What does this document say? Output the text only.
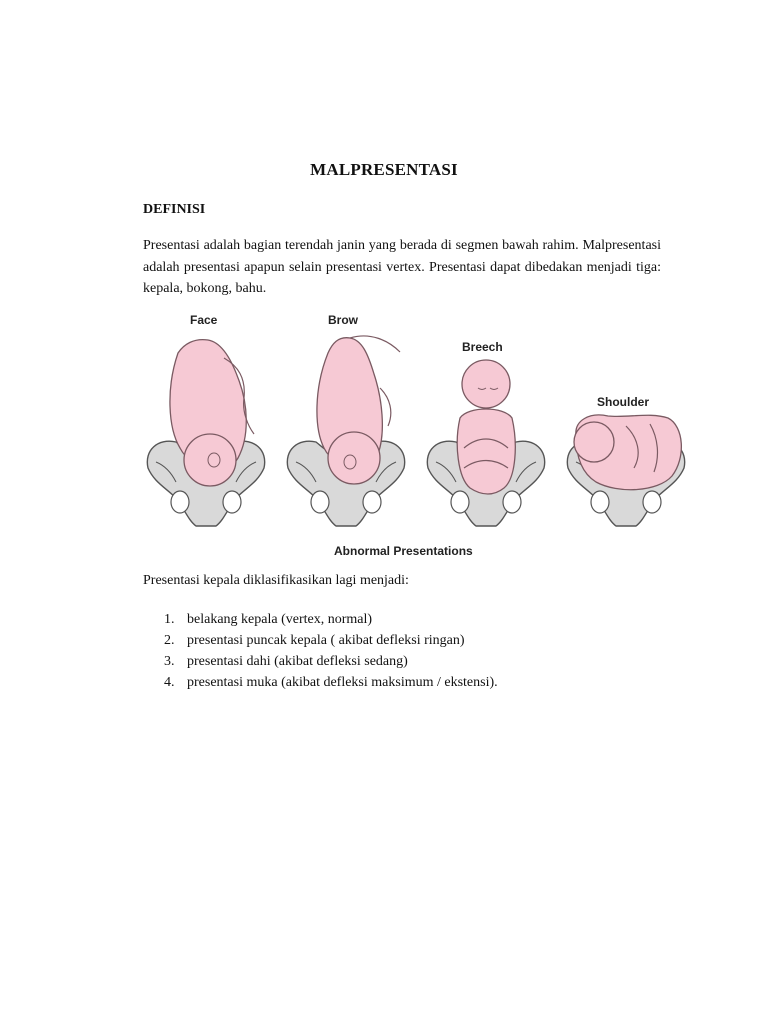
MALPRESENTASI
DEFINISI
Presentasi adalah bagian terendah janin yang berada di segmen bawah rahim. Malpresentasi adalah presentasi apapun selain presentasi vertex. Presentasi dapat dibedakan menjadi tiga: kepala, bokong, bahu.
Face	Brow
Breech
Shoulder
Abnormal Presentations
Presentasi kepala diklasifikasikan lagi menjadi:
1. belakang kepala (vertex, normal)
2. presentasi puncak kepala ( akibat defleksi ringan)
3. presentasi dahi (akibat defleksi sedang)
4. presentasi muka (akibat defleksi maksimum / ekstensi).
